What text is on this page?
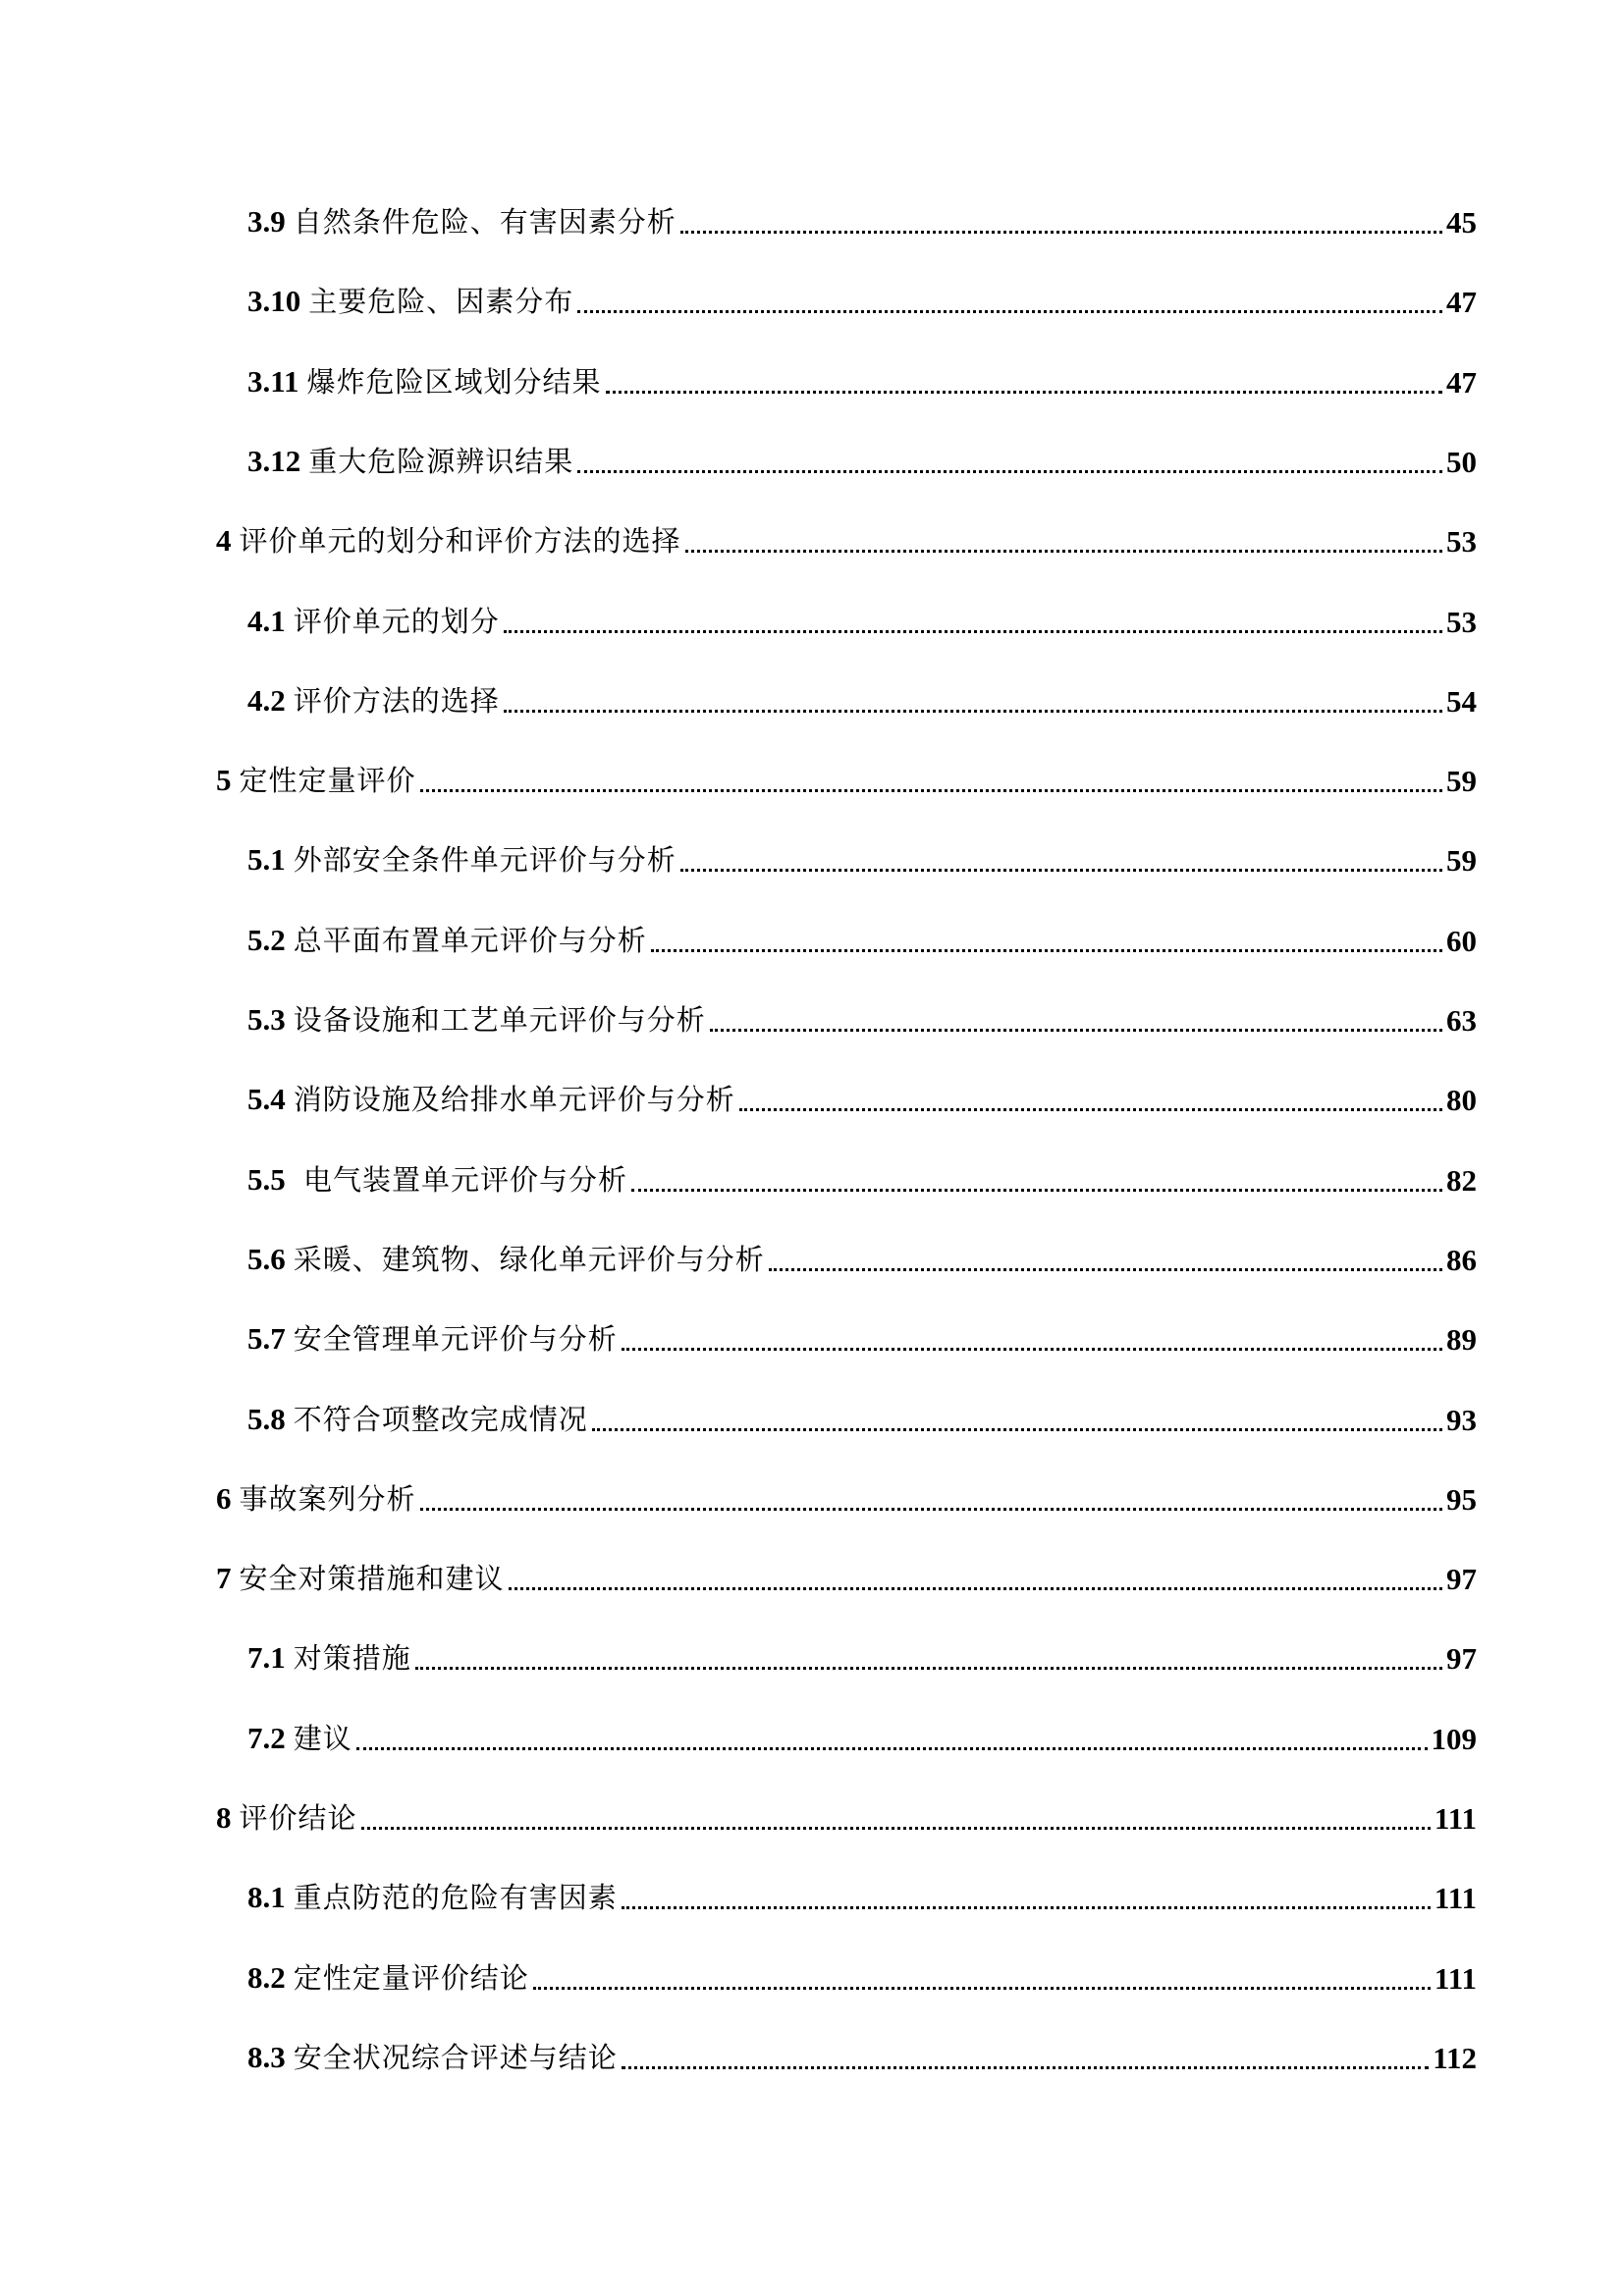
3.9 自然条件危险、有害因素分析	45
3.10 主要危险、因素分布	47
3.11 爆炸危险区域划分结果	47
3.12 重大危险源辨识结果	50
4 评价单元的划分和评价方法的选择	53
4.1 评价单元的划分	53
4.2 评价方法的选择	54
5 定性定量评价	59
5.1 外部安全条件单元评价与分析	59
5.2 总平面布置单元评价与分析	60
5.3 设备设施和工艺单元评价与分析	63
5.4 消防设施及给排水单元评价与分析	80
5.5 电气装置单元评价与分析	82
5.6 采暖、建筑物、绿化单元评价与分析	86
5.7 安全管理单元评价与分析	89
5.8 不符合项整改完成情况	93
6 事故案列分析	95
7 安全对策措施和建议	97
7.1 对策措施	97
7.2 建议	109
8 评价结论	111
8.1 重点防范的危险有害因素	111
8.2 定性定量评价结论	111
8.3 安全状况综合评述与结论	112
